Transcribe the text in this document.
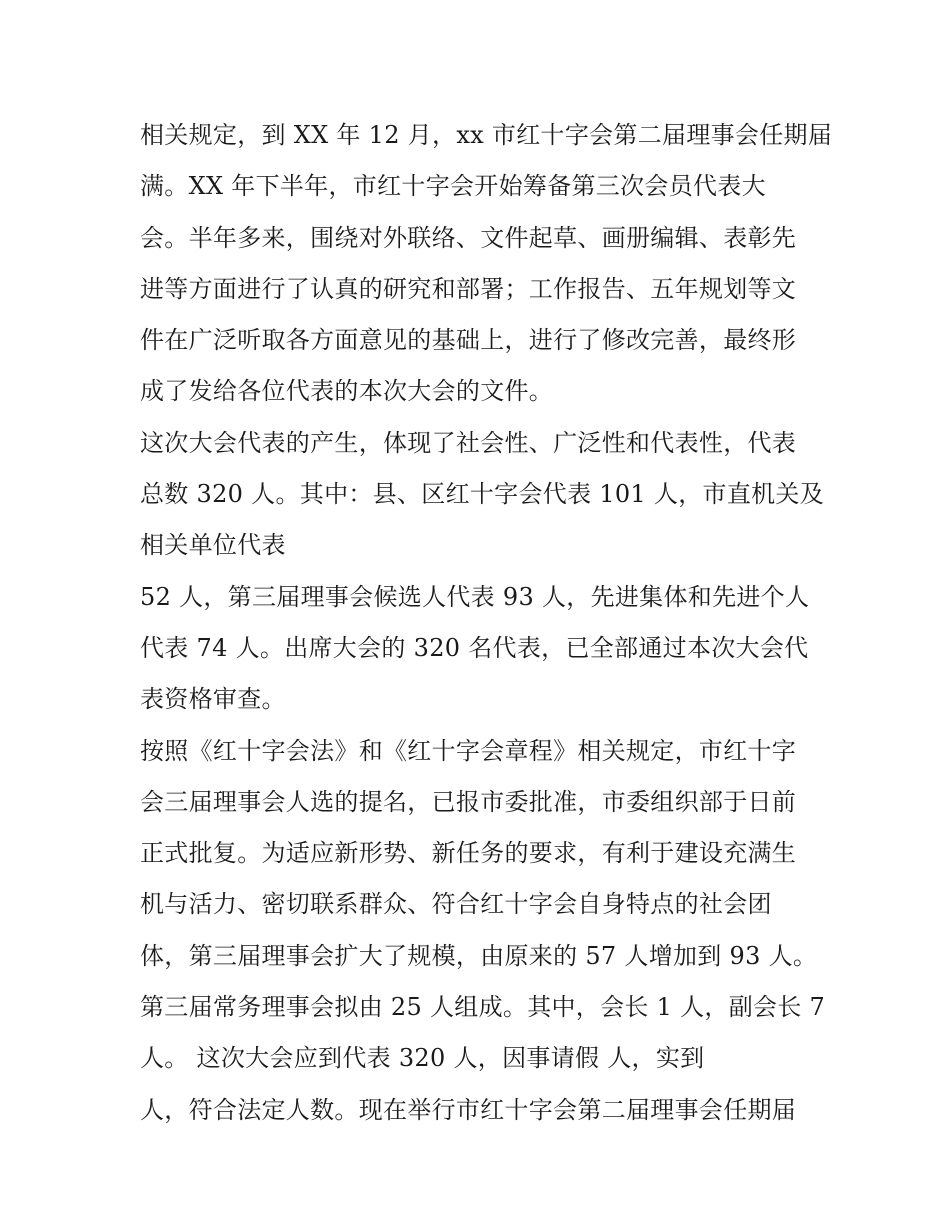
相关规定，到 XX 年 12 月，xx 市红十字会第二届理事会任期届
满。XX 年下半年，市红十字会开始筹备第三次会员代表大
会。半年多来，围绕对外联络、文件起草、画册编辑、表彰先
进等方面进行了认真的研究和部署；工作报告、五年规划等文
件在广泛听取各方面意见的基础上，进行了修改完善，最终形
成了发给各位代表的本次大会的文件。
这次大会代表的产生，体现了社会性、广泛性和代表性，代表
总数 320 人。其中：县、区红十字会代表 101 人，市直机关及
相关单位代表
52 人，第三届理事会候选人代表 93 人，先进集体和先进个人
代表 74 人。出席大会的 320 名代表，已全部通过本次大会代
表资格审查。
按照《红十字会法》和《红十字会章程》相关规定，市红十字
会三届理事会人选的提名，已报市委批准，市委组织部于日前
正式批复。为适应新形势、新任务的要求，有利于建设充满生
机与活力、密切联系群众、符合红十字会自身特点的社会团
体，第三届理事会扩大了规模，由原来的 57 人增加到 93 人。
第三届常务理事会拟由 25 人组成。其中，会长 1 人，副会长 7
人。 这次大会应到代表 320 人，因事请假 人，实到
人，符合法定人数。现在举行市红十字会第二届理事会任期届
